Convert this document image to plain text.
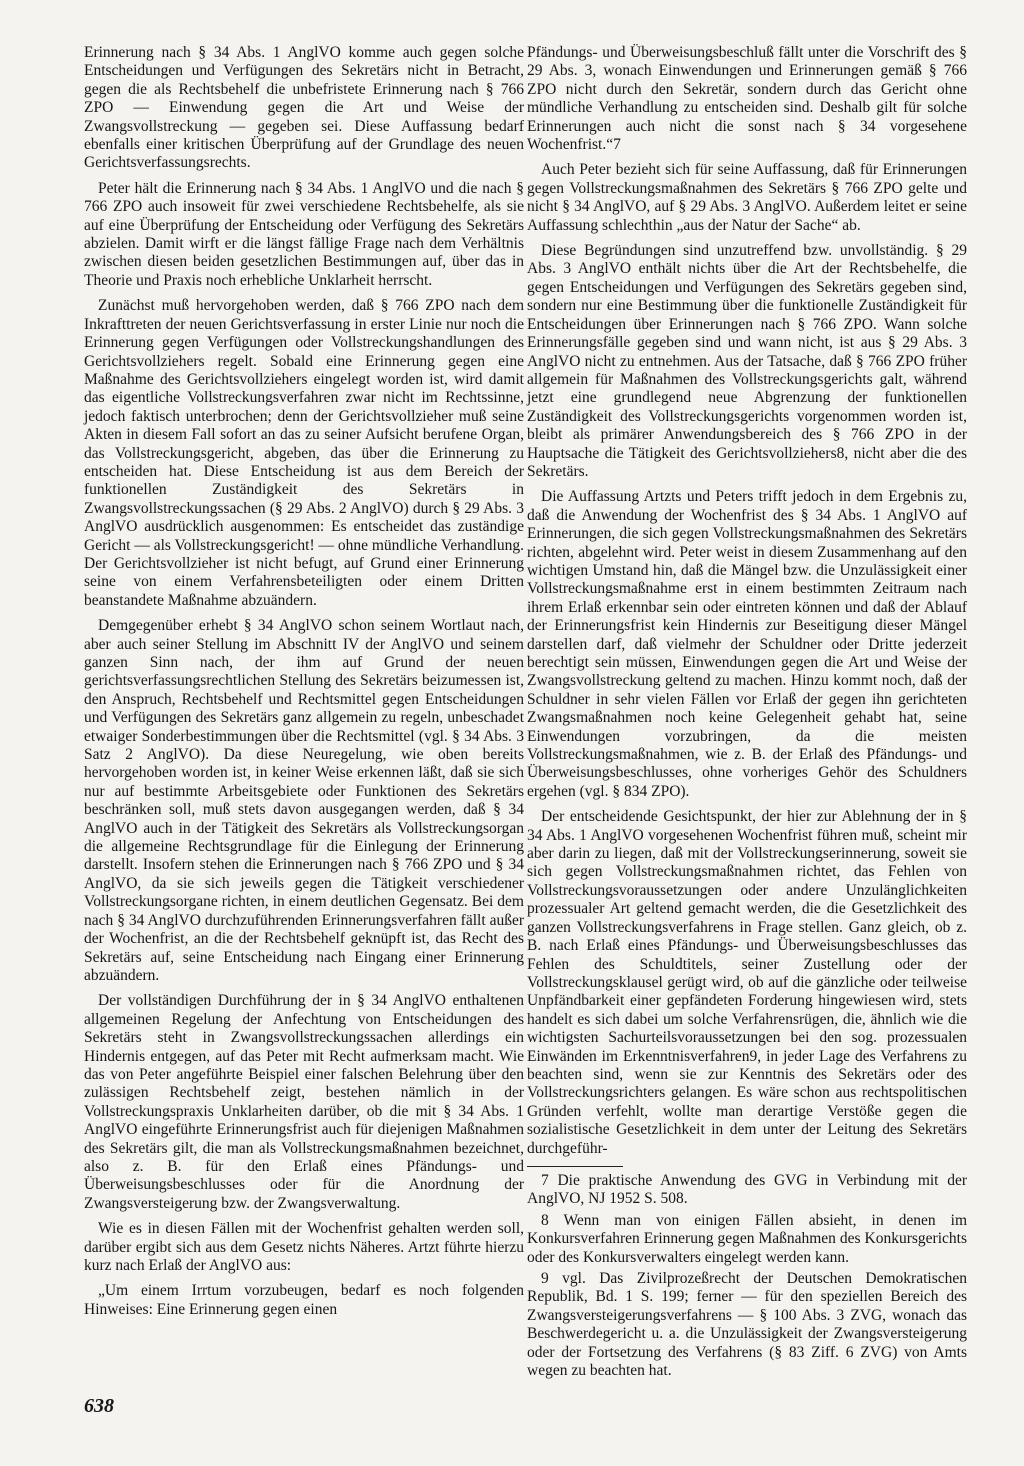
Erinnerung nach § 34 Abs. 1 AnglVO komme auch gegen solche Entscheidungen und Verfügungen des Sekretärs nicht in Betracht, gegen die als Rechtsbehelf die unbefristete Erinnerung nach § 766 ZPO — Einwendung gegen die Art und Weise der Zwangsvollstreckung — gegeben sei. Diese Auffassung bedarf ebenfalls einer kritischen Überprüfung auf der Grundlage des neuen Gerichtsverfassungsrechts.

Peter hält die Erinnerung nach § 34 Abs. 1 AnglVO und die nach § 766 ZPO auch insoweit für zwei verschiedene Rechtsbehelfe, als sie auf eine Überprüfung der Entscheidung oder Verfügung des Sekretärs abzielen. Damit wirft er die längst fällige Frage nach dem Verhältnis zwischen diesen beiden gesetzlichen Bestimmungen auf, über das in Theorie und Praxis noch erhebliche Unklarheit herrscht.

Zunächst muß hervorgehoben werden, daß § 766 ZPO nach dem Inkrafttreten der neuen Gerichtsverfassung in erster Linie nur noch die Erinnerung gegen Verfügungen oder Vollstreckungshandlungen des Gerichtsvollziehers regelt. Sobald eine Erinnerung gegen eine Maßnahme des Gerichtsvollziehers eingelegt worden ist, wird damit das eigentliche Vollstreckungsverfahren zwar nicht im Rechtssinne, jedoch faktisch unterbrochen; denn der Gerichtsvollzieher muß seine Akten in diesem Fall sofort an das zu seiner Aufsicht berufene Organ, das Vollstreckungsgericht, abgeben, das über die Erinnerung zu entscheiden hat. Diese Entscheidung ist aus dem Bereich der funktionellen Zuständigkeit des Sekretärs in Zwangsvollstreckungssachen (§ 29 Abs. 2 AnglVO) durch § 29 Abs. 3 AnglVO ausdrücklich ausgenommen: Es entscheidet das zuständige Gericht — als Vollstreckungsgericht! — ohne mündliche Verhandlung. Der Gerichtsvollzieher ist nicht befugt, auf Grund einer Erinnerung seine von einem Verfahrensbeteiligten oder einem Dritten beanstandete Maßnahme abzuändern.

Demgegenüber erhebt § 34 AnglVO schon seinem Wortlaut nach, aber auch seiner Stellung im Abschnitt IV der AnglVO und seinem ganzen Sinn nach, der ihm auf Grund der neuen gerichtsverfassungsrechtlichen Stellung des Sekretärs beizumessen ist, den Anspruch, Rechtsbehelf und Rechtsmittel gegen Entscheidungen und Verfügungen des Sekretärs ganz allgemein zu regeln, unbeschadet etwaiger Sonderbestimmungen über die Rechtsmittel (vgl. § 34 Abs. 3 Satz 2 AnglVO). Da diese Neuregelung, wie oben bereits hervorgehoben worden ist, in keiner Weise erkennen läßt, daß sie sich nur auf bestimmte Arbeitsgebiete oder Funktionen des Sekretärs beschränken soll, muß stets davon ausgegangen werden, daß § 34 AnglVO auch in der Tätigkeit des Sekretärs als Vollstreckungsorgan die allgemeine Rechtsgrundlage für die Einlegung der Erinnerung darstellt. Insofern stehen die Erinnerungen nach § 766 ZPO und § 34 AnglVO, da sie sich jeweils gegen die Tätigkeit verschiedener Vollstreckungsorgane richten, in einem deutlichen Gegensatz. Bei dem nach § 34 AnglVO durchzuführenden Erinnerungsverfahren fällt außer der Wochenfrist, an die der Rechtsbehelf geknüpft ist, das Recht des Sekretärs auf, seine Entscheidung nach Eingang einer Erinnerung abzuändern.

Der vollständigen Durchführung der in § 34 AnglVO enthaltenen allgemeinen Regelung der Anfechtung von Entscheidungen des Sekretärs steht in Zwangsvollstreckungssachen allerdings ein Hindernis entgegen, auf das Peter mit Recht aufmerksam macht. Wie das von Peter angeführte Beispiel einer falschen Belehrung über den zulässigen Rechtsbehelf zeigt, bestehen nämlich in der Vollstreckungspraxis Unklarheiten darüber, ob die mit § 34 Abs. 1 AnglVO eingeführte Erinnerungsfrist auch für diejenigen Maßnahmen des Sekretärs gilt, die man als Vollstreckungsmaßnahmen bezeichnet, also z. B. für den Erlaß eines Pfändungs- und Überweisungsbeschlusses oder für die Anordnung der Zwangsversteigerung bzw. der Zwangsverwaltung.

Wie es in diesen Fällen mit der Wochenfrist gehalten werden soll, darüber ergibt sich aus dem Gesetz nichts Näheres. Artzt führte hierzu kurz nach Erlaß der AnglVO aus:

„Um einem Irrtum vorzubeugen, bedarf es noch folgenden Hinweises: Eine Erinnerung gegen einen

Pfändungs- und Überweisungsbeschluß fällt unter die Vorschrift des § 29 Abs. 3, wonach Einwendungen und Erinnerungen gemäß § 766 ZPO nicht durch den Sekretär, sondern durch das Gericht ohne mündliche Verhandlung zu entscheiden sind. Deshalb gilt für solche Erinnerungen auch nicht die sonst nach § 34 vorgesehene Wochenfrist.“7

Auch Peter bezieht sich für seine Auffassung, daß für Erinnerungen gegen Vollstreckungsmaßnahmen des Sekretärs § 766 ZPO gelte und nicht § 34 AnglVO, auf § 29 Abs. 3 AnglVO. Außerdem leitet er seine Auffassung schlechthin „aus der Natur der Sache“ ab.

Diese Begründungen sind unzutreffend bzw. unvollständig. § 29 Abs. 3 AnglVO enthält nichts über die Art der Rechtsbehelfe, die gegen Entscheidungen und Verfügungen des Sekretärs gegeben sind, sondern nur eine Bestimmung über die funktionelle Zuständigkeit für Entscheidungen über Erinnerungen nach § 766 ZPO. Wann solche Erinnerungsfälle gegeben sind und wann nicht, ist aus § 29 Abs. 3 AnglVO nicht zu entnehmen. Aus der Tatsache, daß § 766 ZPO früher allgemein für Maßnahmen des Vollstreckungsgerichts galt, während jetzt eine grundlegend neue Abgrenzung der funktionellen Zuständigkeit des Vollstreckungsgerichts vorgenommen worden ist, bleibt als primärer Anwendungsbereich des § 766 ZPO in der Hauptsache die Tätigkeit des Gerichtsvollziehers8, nicht aber die des Sekretärs.

Die Auffassung Artzts und Peters trifft jedoch in dem Ergebnis zu, daß die Anwendung der Wochenfrist des § 34 Abs. 1 AnglVO auf Erinnerungen, die sich gegen Vollstreckungsmaßnahmen des Sekretärs richten, abgelehnt wird. Peter weist in diesem Zusammenhang auf den wichtigen Umstand hin, daß die Mängel bzw. die Unzulässigkeit einer Vollstreckungsmaßnahme erst in einem bestimmten Zeitraum nach ihrem Erlaß erkennbar sein oder eintreten können und daß der Ablauf der Erinnerungsfrist kein Hindernis zur Beseitigung dieser Mängel darstellen darf, daß vielmehr der Schuldner oder Dritte jederzeit berechtigt sein müssen, Einwendungen gegen die Art und Weise der Zwangsvollstreckung geltend zu machen. Hinzu kommt noch, daß der Schuldner in sehr vielen Fällen vor Erlaß der gegen ihn gerichteten Zwangsmaßnahmen noch keine Gelegenheit gehabt hat, seine Einwendungen vorzubringen, da die meisten Vollstreckungsmaßnahmen, wie z. B. der Erlaß des Pfändungs- und Überweisungsbeschlusses, ohne vorheriges Gehör des Schuldners ergehen (vgl. § 834 ZPO).

Der entscheidende Gesichtspunkt, der hier zur Ablehnung der in § 34 Abs. 1 AnglVO vorgesehenen Wochenfrist führen muß, scheint mir aber darin zu liegen, daß mit der Vollstreckungserinnerung, soweit sie sich gegen Vollstreckungsmaßnahmen richtet, das Fehlen von Vollstreckungsvoraussetzungen oder andere Unzulänglichkeiten prozessualer Art geltend gemacht werden, die die Gesetzlichkeit des ganzen Vollstreckungsverfahrens in Frage stellen. Ganz gleich, ob z. B. nach Erlaß eines Pfändungs- und Überweisungsbeschlusses das Fehlen des Schuldtitels, seiner Zustellung oder der Vollstreckungsklausel gerügt wird, ob auf die gänzliche oder teilweise Unpfändbarkeit einer gepfändeten Forderung hingewiesen wird, stets handelt es sich dabei um solche Verfahrensrügen, die, ähnlich wie die wichtigsten Sachurteilsvoraussetzungen bei den sog. prozessualen Einwänden im Erkenntnisverfahren9, in jeder Lage des Verfahrens zu beachten sind, wenn sie zur Kenntnis des Sekretärs oder des Vollstreckungsrichters gelangen. Es wäre schon aus rechtspolitischen Gründen verfehlt, wollte man derartige Verstöße gegen die sozialistische Gesetzlichkeit in dem unter der Leitung des Sekretärs durchgeführ-

7 Die praktische Anwendung des GVG in Verbindung mit der AnglVO, NJ 1952 S. 508.

8 Wenn man von einigen Fällen absieht, in denen im Konkursverfahren Erinnerung gegen Maßnahmen des Konkursgerichts oder des Konkursverwalters eingelegt werden kann.

9 vgl. Das Zivilprozeßrecht der Deutschen Demokratischen Republik, Bd. 1 S. 199; ferner — für den speziellen Bereich des Zwangsversteigerungsverfahrens — § 100 Abs. 3 ZVG, wonach das Beschwerdegericht u. a. die Unzulässigkeit der Zwangsversteigerung oder der Fortsetzung des Verfahrens (§ 83 Ziff. 6 ZVG) von Amts wegen zu beachten hat.

638
